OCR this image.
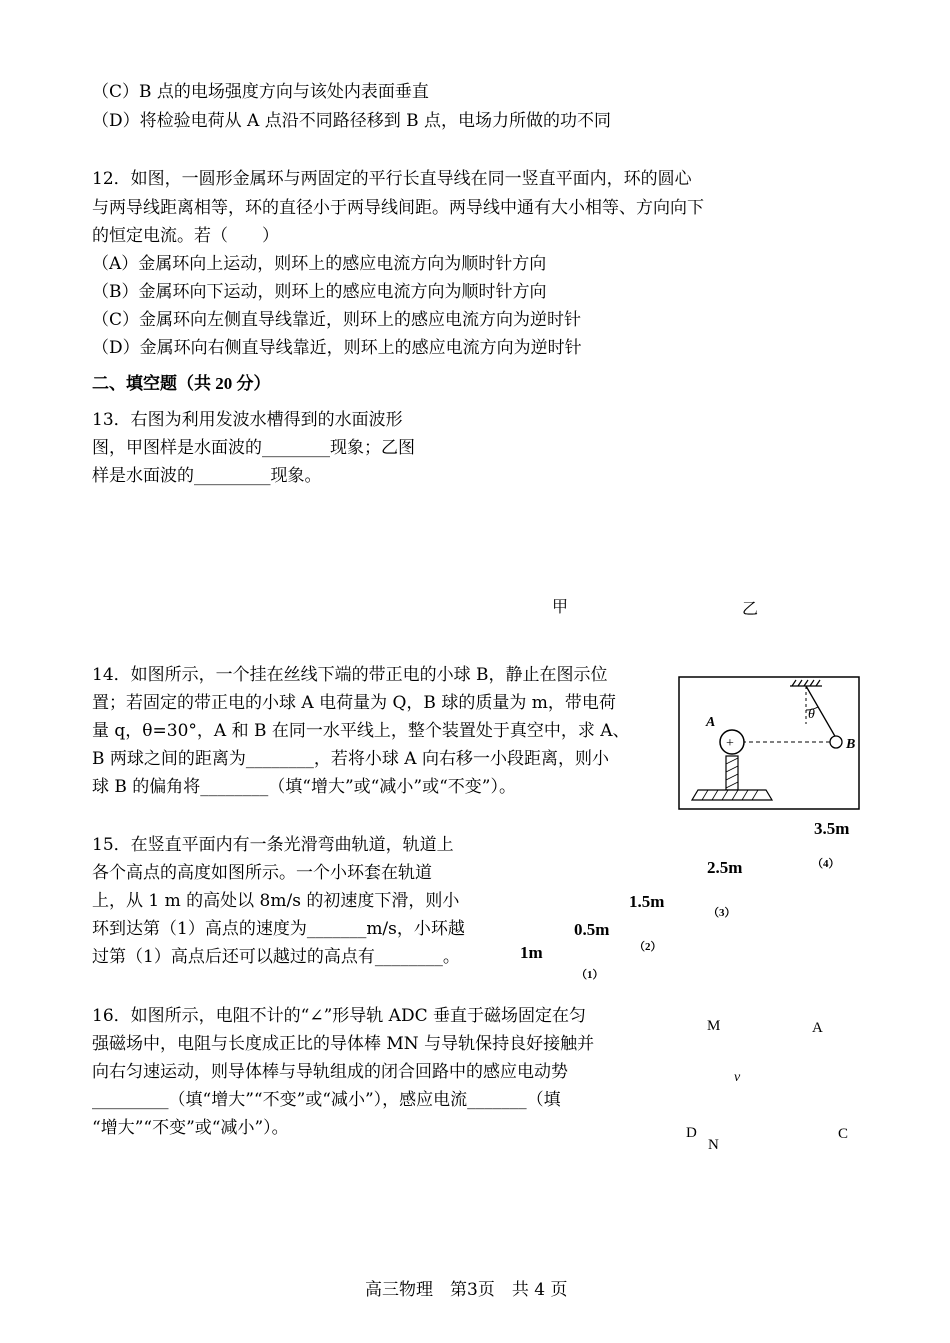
（C）B 点的电场强度方向与该处内表面垂直
（D）将检验电荷从 A 点沿不同路径移到 B 点，电场力所做的功不同
12．如图，一圆形金属环与两固定的平行长直导线在同一竖直平面内，环的圆心
与两导线距离相等，环的直径小于两导线间距。两导线中通有大小相等、方向向下
的恒定电流。若（　　）
（A）金属环向上运动，则环上的感应电流方向为顺时针方向
（B）金属环向下运动，则环上的感应电流方向为顺时针方向
（C）金属环向左侧直导线靠近，则环上的感应电流方向为逆时针
（D）金属环向右侧直导线靠近，则环上的感应电流方向为逆时针
二、填空题（共 20 分）
13．右图为利用发波水槽得到的水面波形
图，甲图样是水面波的________现象；乙图
样是水面波的_________现象。
甲	乙
14．如图所示，一个挂在丝线下端的带正电的小球 B，静止在图示位
置；若固定的带正电的小球 A 电荷量为 Q，B 球的质量为 m，带电荷
量 q，θ=30°，A 和 B 在同一水平线上，整个装置处于真空中，求 A、
B 两球之间的距离为________，若将小球 A 向右移一小段距离，则小
球 B 的偏角将________（填“增大”或“减小”或“不变”）。
θ
+
A
B
15．在竖直平面内有一条光滑弯曲轨道，轨道上
各个高点的高度如图所示。一个小环套在轨道
上，从 1 m 的高处以 8m/s 的初速度下滑，则小
环到达第（1）高点的速度为_______m/s，小环越
过第（1）高点后还可以越过的高点有________。
3.5m
2.5m	（4）
1.5m
（3）
0.5m
（2）
1m
（1）
16．如图所示，电阻不计的“∠”形导轨 ADC 垂直于磁场固定在匀
强磁场中，电阻与长度成正比的导体棒 MN 与导轨保持良好接触并
向右匀速运动，则导体棒与导轨组成的闭合回路中的感应电动势
_________（填“增大”“不变”或“减小”），感应电流_______（填
“增大”“不变”或“减小”）。
M	A
v
D
N
C
高三物理　第3页　共 4 页
